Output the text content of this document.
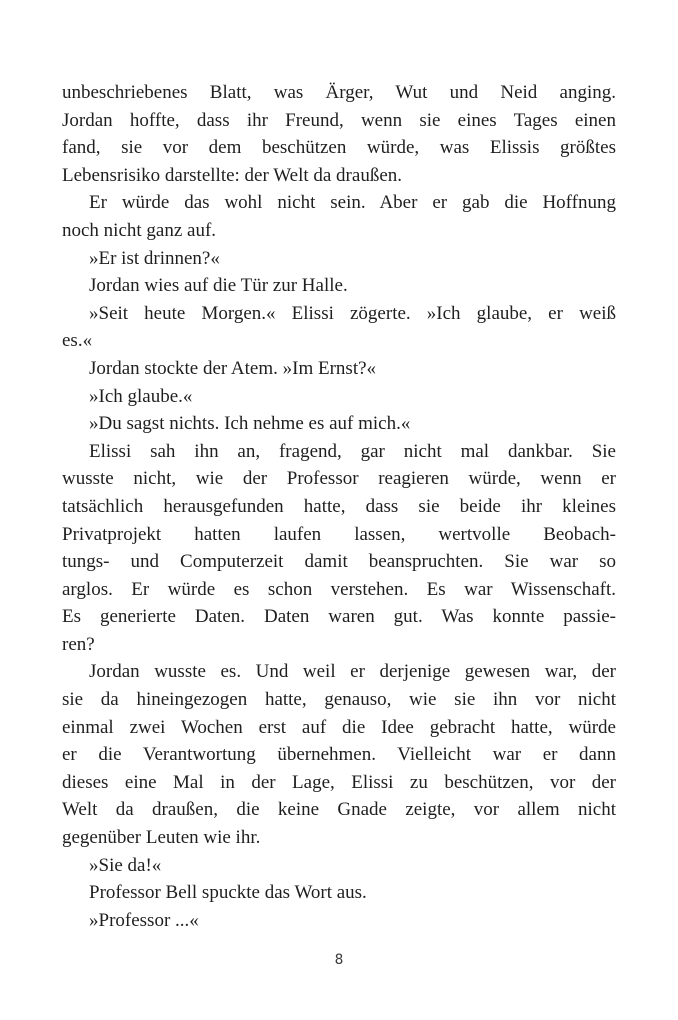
unbeschriebenes Blatt, was Ärger, Wut und Neid anging.
Jordan hoffte, dass ihr Freund, wenn sie eines Tages einen
fand, sie vor dem beschützen würde, was Elissis größtes
Lebensrisiko darstellte: der Welt da draußen.
Er würde das wohl nicht sein. Aber er gab die Hoffnung
noch nicht ganz auf.
»Er ist drinnen?«
Jordan wies auf die Tür zur Halle.
»Seit heute Morgen.« Elissi zögerte. »Ich glaube, er weiß
es.«
Jordan stockte der Atem. »Im Ernst?«
»Ich glaube.«
»Du sagst nichts. Ich nehme es auf mich.«
Elissi sah ihn an, fragend, gar nicht mal dankbar. Sie
wusste nicht, wie der Professor reagieren würde, wenn er
tatsächlich herausgefunden hatte, dass sie beide ihr kleines
Privatprojekt hatten laufen lassen, wertvolle Beobach-
tungs- und Computerzeit damit beanspruchten. Sie war so
arglos. Er würde es schon verstehen. Es war Wissenschaft.
Es generierte Daten. Daten waren gut. Was konnte passie-
ren?
Jordan wusste es. Und weil er derjenige gewesen war, der
sie da hineingezogen hatte, genauso, wie sie ihn vor nicht
einmal zwei Wochen erst auf die Idee gebracht hatte, würde
er die Verantwortung übernehmen. Vielleicht war er dann
dieses eine Mal in der Lage, Elissi zu beschützen, vor der
Welt da draußen, die keine Gnade zeigte, vor allem nicht
gegenüber Leuten wie ihr.
»Sie da!«
Professor Bell spuckte das Wort aus.
»Professor ...«
8
